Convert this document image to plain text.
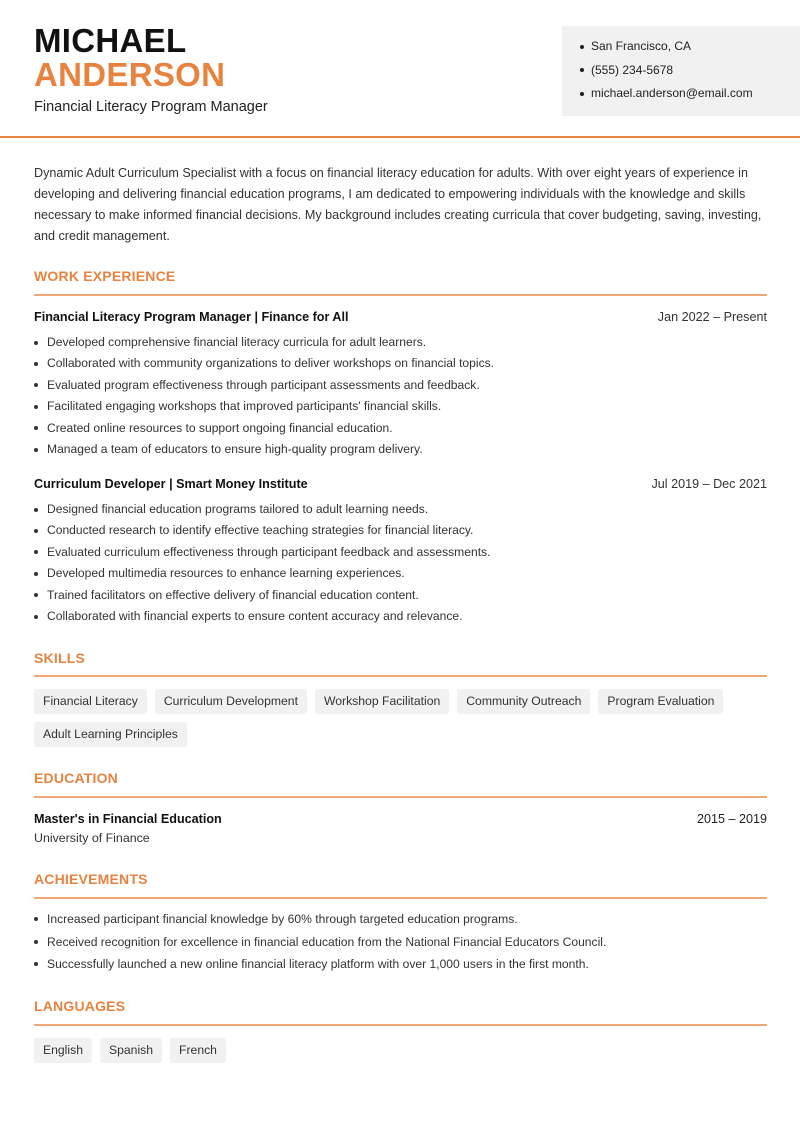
MICHAEL
ANDERSON
Financial Literacy Program Manager
San Francisco, CA
(555) 234-5678
michael.anderson@email.com

Dynamic Adult Curriculum Specialist with a focus on financial literacy education for adults. With over eight years of experience in developing and delivering financial education programs, I am dedicated to empowering individuals with the knowledge and skills necessary to make informed financial decisions. My background includes creating curricula that cover budgeting, saving, investing, and credit management.

WORK EXPERIENCE
Financial Literacy Program Manager | Finance for All	Jan 2022 – Present
Developed comprehensive financial literacy curricula for adult learners.
Collaborated with community organizations to deliver workshops on financial topics.
Evaluated program effectiveness through participant assessments and feedback.
Facilitated engaging workshops that improved participants' financial skills.
Created online resources to support ongoing financial education.
Managed a team of educators to ensure high-quality program delivery.
Curriculum Developer | Smart Money Institute	Jul 2019 – Dec 2021
Designed financial education programs tailored to adult learning needs.
Conducted research to identify effective teaching strategies for financial literacy.
Evaluated curriculum effectiveness through participant feedback and assessments.
Developed multimedia resources to enhance learning experiences.
Trained facilitators on effective delivery of financial education content.
Collaborated with financial experts to ensure content accuracy and relevance.
SKILLS
Financial Literacy	Curriculum Development	Workshop Facilitation	Community Outreach	Program Evaluation
Adult Learning Principles
EDUCATION
Master's in Financial Education	2015 – 2019
University of Finance
ACHIEVEMENTS
Increased participant financial knowledge by 60% through targeted education programs.
Received recognition for excellence in financial education from the National Financial Educators Council.
Successfully launched a new online financial literacy platform with over 1,000 users in the first month.
LANGUAGES
English	Spanish	French
